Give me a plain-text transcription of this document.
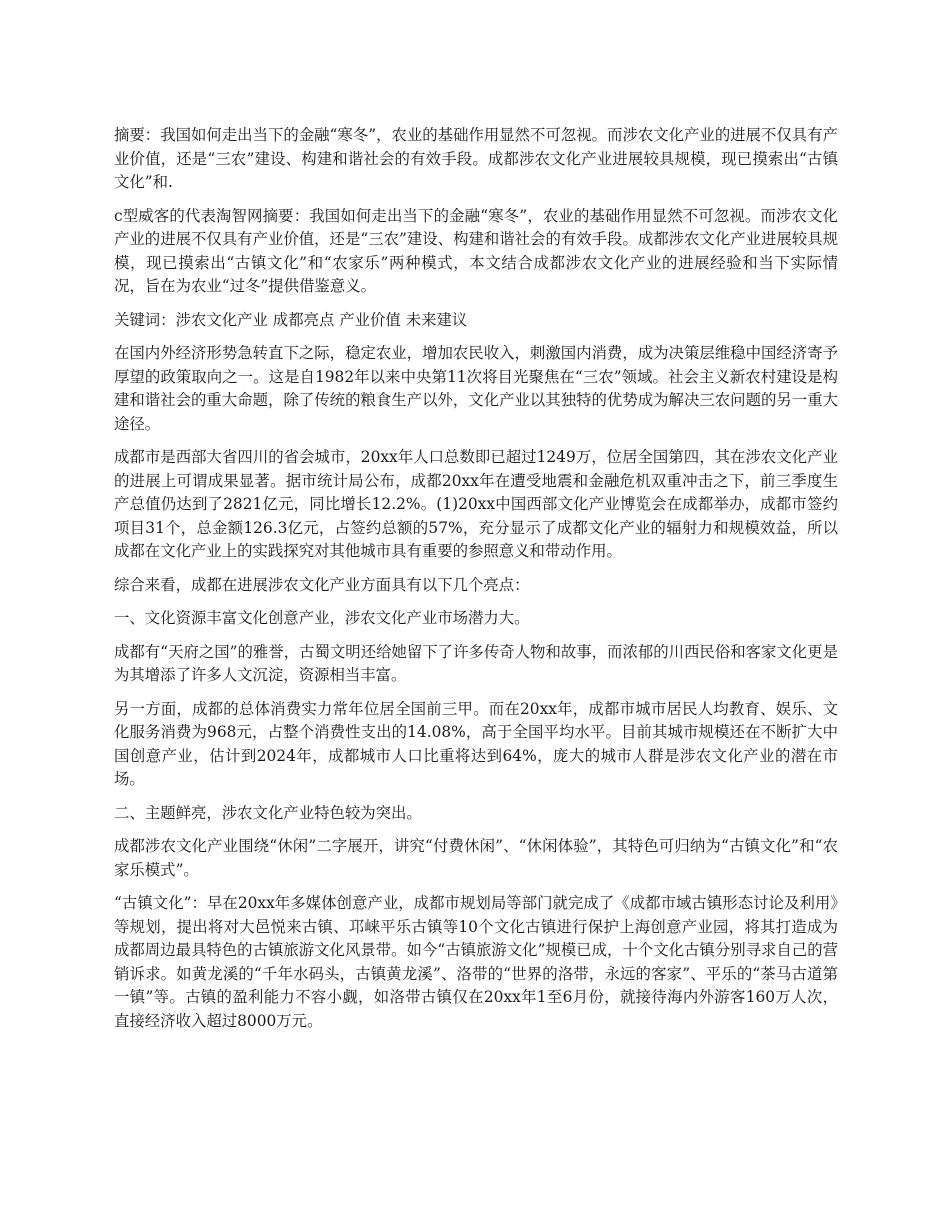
摘要：我国如何走出当下的金融“寒冬”，农业的基础作用显然不可忽视。而涉农文化产业的进展不仅具有产业价值，还是“三农”建设、构建和谐社会的有效手段。成都涉农文化产业进展较具规模，现已摸索出“古镇文化”和.

c型威客的代表淘智网摘要：我国如何走出当下的金融“寒冬”，农业的基础作用显然不可忽视。而涉农文化产业的进展不仅具有产业价值，还是“三农”建设、构建和谐社会的有效手段。成都涉农文化产业进展较具规模，现已摸索出“古镇文化”和“农家乐”两种模式，本文结合成都涉农文化产业的进展经验和当下实际情况，旨在为农业“过冬”提供借鉴意义。

关键词：涉农文化产业 成都亮点 产业价值 未来建议

在国内外经济形势急转直下之际，稳定农业，增加农民收入，刺激国内消费，成为决策层维稳中国经济寄予厚望的政策取向之一。这是自1982年以来中央第11次将目光聚焦在“三农”领域。社会主义新农村建设是构建和谐社会的重大命题，除了传统的粮食生产以外，文化产业以其独特的优势成为解决三农问题的另一重大途径。

成都市是西部大省四川的省会城市，20xx年人口总数即已超过1249万，位居全国第四，其在涉农文化产业的进展上可谓成果显著。据市统计局公布，成都20xx年在遭受地震和金融危机双重冲击之下，前三季度生产总值仍达到了2821亿元，同比增长12.2%。(1)20xx中国西部文化产业博览会在成都举办，成都市签约项目31个，总金额126.3亿元，占签约总额的57%，充分显示了成都文化产业的辐射力和规模效益，所以成都在文化产业上的实践探究对其他城市具有重要的参照意义和带动作用。

综合来看，成都在进展涉农文化产业方面具有以下几个亮点：

一、文化资源丰富文化创意产业，涉农文化产业市场潜力大。

成都有“天府之国”的雅誉，古蜀文明还给她留下了许多传奇人物和故事，而浓郁的川西民俗和客家文化更是为其增添了许多人文沉淀，资源相当丰富。

另一方面，成都的总体消费实力常年位居全国前三甲。而在20xx年，成都市城市居民人均教育、娱乐、文化服务消费为968元，占整个消费性支出的14.08%，高于全国平均水平。目前其城市规模还在不断扩大中国创意产业，估计到2024年，成都城市人口比重将达到64%，庞大的城市人群是涉农文化产业的潜在市场。

二、主题鲜亮，涉农文化产业特色较为突出。

成都涉农文化产业围绕“休闲”二字展开，讲究“付费休闲”、“休闲体验”，其特色可归纳为“古镇文化”和“农家乐模式”。

“古镇文化”：早在20xx年多媒体创意产业，成都市规划局等部门就完成了《成都市域古镇形态讨论及利用》等规划，提出将对大邑悦来古镇、邛崃平乐古镇等10个文化古镇进行保护上海创意产业园，将其打造成为成都周边最具特色的古镇旅游文化风景带。如今“古镇旅游文化”规模已成，十个文化古镇分别寻求自己的营销诉求。如黄龙溪的“千年水码头，古镇黄龙溪”、洛带的“世界的洛带，永远的客家”、平乐的“茶马古道第一镇”等。古镇的盈利能力不容小觑，如洛带古镇仅在20xx年1至6月份，就接待海内外游客160万人次，直接经济收入超过8000万元。
